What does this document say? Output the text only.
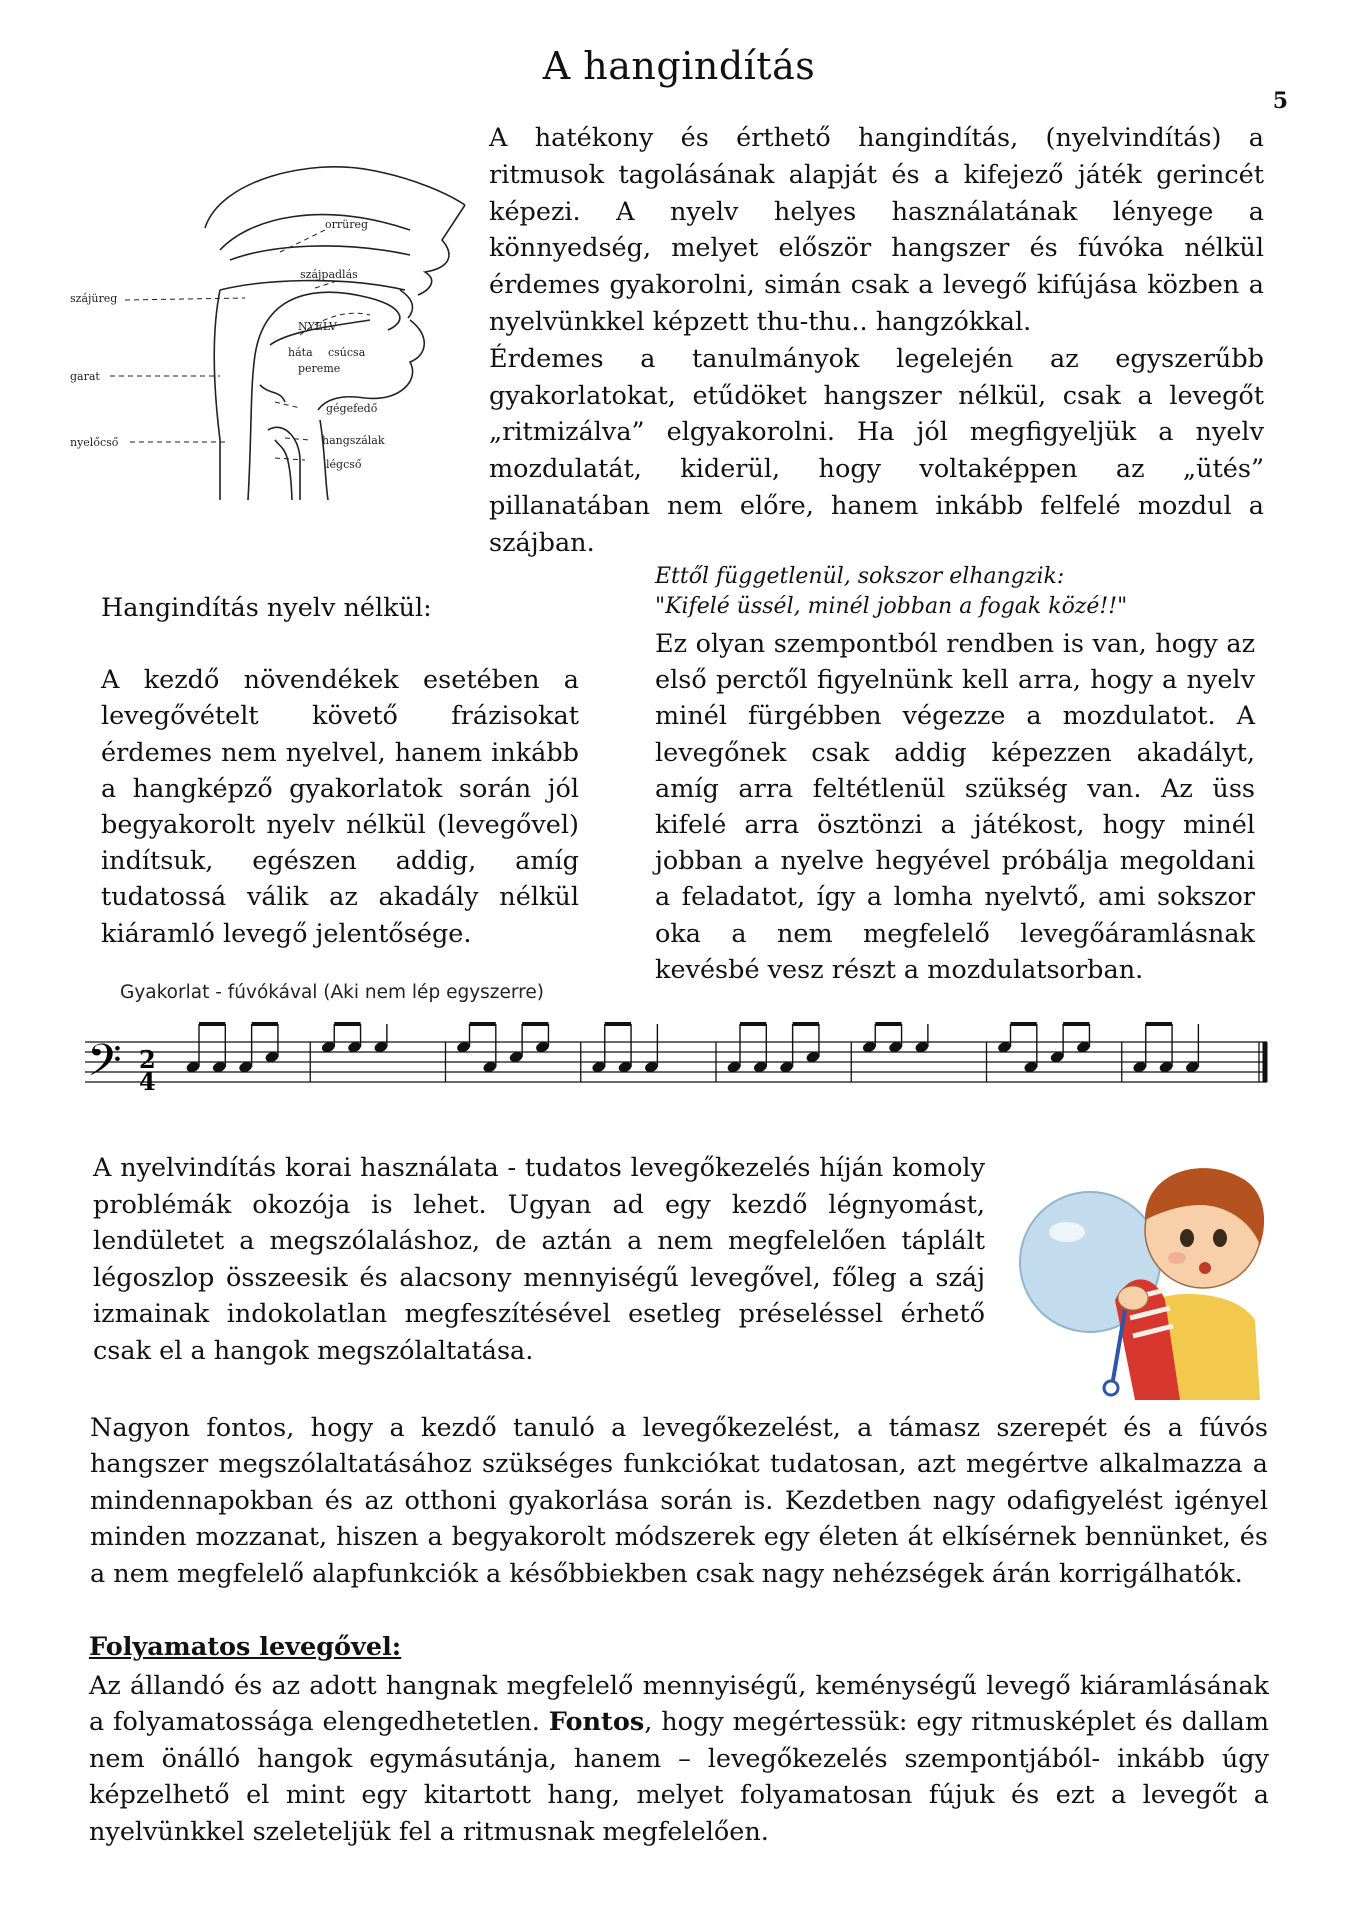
A hangindítás
5
orrüreg
szájpadlás
szájüreg
NYELV
háta csúcsa
pereme
garat
gégefedő
nyelőcső	hangszálak
légcső

A hatékony és érthető hangindítás, (nyelvindítás) a ritmusok tagolásának alapját és a kifejező játék gerincét képezi. A nyelv helyes használatának lényege a könnyedség, melyet először hangszer és fúvóka nélkül érdemes gyakorolni, simán csak a levegő kifújása közben a nyelvünkkel képzett thu-thu.. hangzókkal.

Érdemes a tanulmányok legelején az egyszerűbb gyakorlatokat, etűdöket hangszer nélkül, csak a levegőt „ritmizálva” elgyakorolni. Ha jól megfigyeljük a nyelv mozdulatát, kiderül, hogy voltaképpen az „ütés” pillanatában nem előre, hanem inkább felfelé mozdul a szájban.

Hangindítás nyelv nélkül:

A kezdő növendékek esetében a levegővételt követő frázisokat érdemes nem nyelvel, hanem inkább a hangképző gyakorlatok során jól begyakorolt nyelv nélkül (levegővel) indítsuk, egészen addig, amíg tudatossá válik az akadály nélkül kiáramló levegő jelentősége.

Ettől függetlenül, sokszor elhangzik:
"Kifelé üssél, minél jobban a fogak közé!!"

Ez olyan szempontból rendben is van, hogy az első perctől figyelnünk kell arra, hogy a nyelv minél fürgébben végezze a mozdulatot. A levegőnek csak addig képezzen akadályt, amíg arra feltétlenül szükség van. Az üss kifelé arra ösztönzi a játékost, hogy minél jobban a nyelve hegyével próbálja megoldani a feladatot, így a lomha nyelvtő, ami sokszor oka a nem megfelelő levegőáramlásnak kevésbé vesz részt a mozdulatsorban.

Gyakorlat - fúvókával (Aki nem lép egyszerre)
𝄢 2
4

A nyelvindítás korai használata - tudatos levegőkezelés híján komoly problémák okozója is lehet. Ugyan ad egy kezdő légnyomást, lendületet a megszólaláshoz, de aztán a nem megfelelően táplált légoszlop összeesik és alacsony mennyiségű levegővel, főleg a száj izmainak indokolatlan megfeszítésével esetleg préseléssel érhető csak el a hangok megszólaltatása.

Nagyon fontos, hogy a kezdő tanuló a levegőkezelést, a támasz szerepét és a fúvós hangszer megszólaltatásához szükséges funkciókat tudatosan, azt megértve alkalmazza a mindennapokban és az otthoni gyakorlása során is. Kezdetben nagy odafigyelést igényel minden mozzanat, hiszen a begyakorolt módszerek egy életen át elkísérnek bennünket, és a nem megfelelő alapfunkciók a későbbiekben csak nagy nehézségek árán korrigálhatók.

Folyamatos levegővel:

Az állandó és az adott hangnak megfelelő mennyiségű, keménységű levegő kiáramlásának a folyamatossága elengedhetetlen. Fontos, hogy megértessük: egy ritmusképlet és dallam nem önálló hangok egymásutánja, hanem – levegőkezelés szempontjából- inkább úgy képzelhető el mint egy kitartott hang, melyet folyamatosan fújuk és ezt a levegőt a nyelvünkkel szeleteljük fel a ritmusnak megfelelően.
